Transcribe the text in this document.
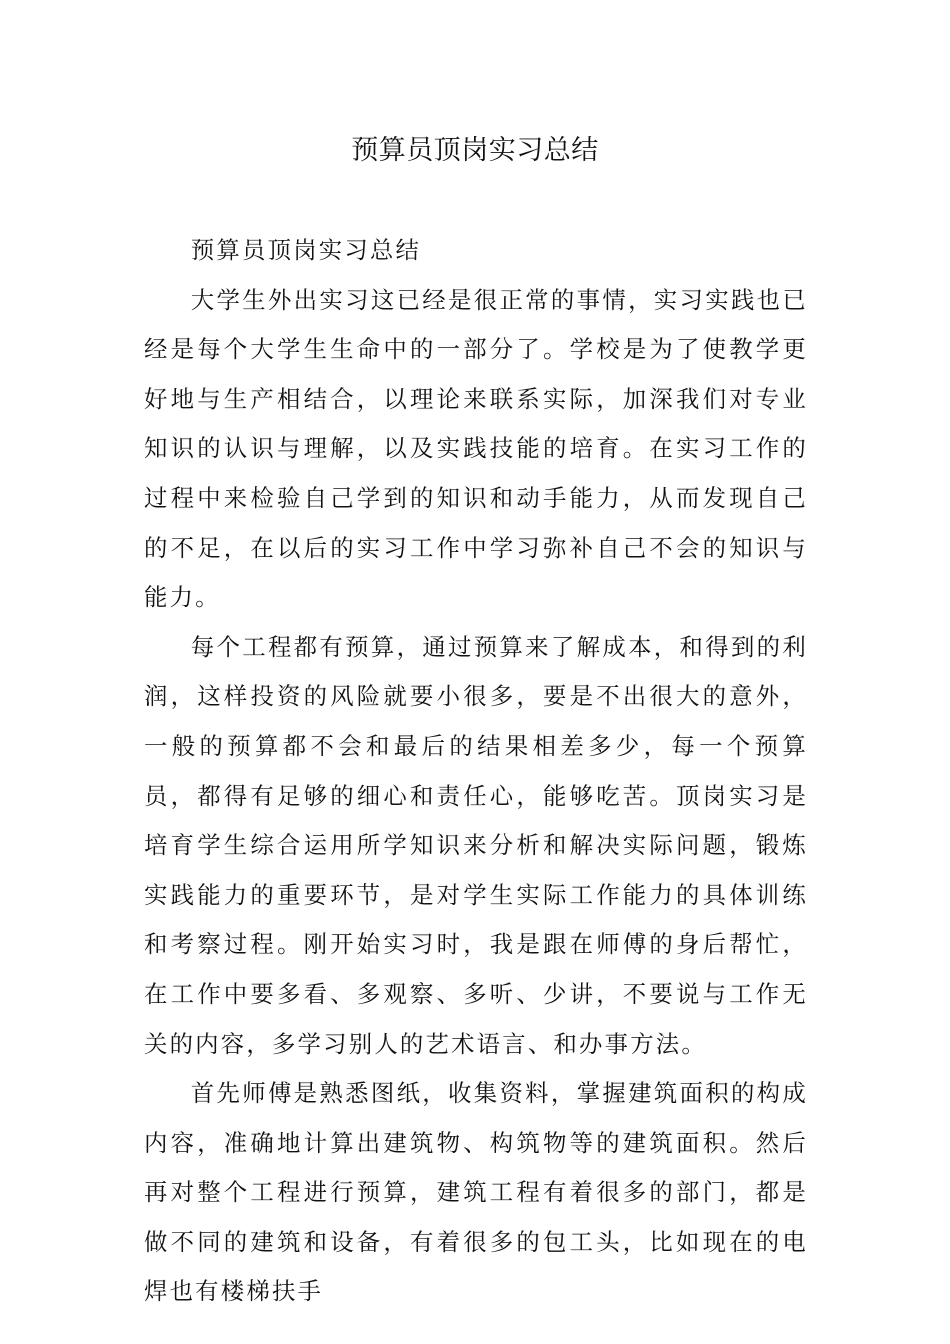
预算员顶岗实习总结

预算员顶岗实习总结

大学生外出实习这已经是很正常的事情，实习实践也已经是每个大学生生命中的一部分了。学校是为了使教学更好地与生产相结合，以理论来联系实际，加深我们对专业知识的认识与理解，以及实践技能的培育。在实习工作的过程中来检验自己学到的知识和动手能力，从而发现自己的不足，在以后的实习工作中学习弥补自己不会的知识与能力。

每个工程都有预算，通过预算来了解成本，和得到的利润，这样投资的风险就要小很多，要是不出很大的意外，一般的预算都不会和最后的结果相差多少，每一个预算员，都得有足够的细心和责任心，能够吃苦。顶岗实习是培育学生综合运用所学知识来分析和解决实际问题，锻炼实践能力的重要环节，是对学生实际工作能力的具体训练和考察过程。刚开始实习时，我是跟在师傅的身后帮忙，在工作中要多看、多观察、多听、少讲，不要说与工作无关的内容，多学习别人的艺术语言、和办事方法。

首先师傅是熟悉图纸，收集资料，掌握建筑面积的构成内容，准确地计算出建筑物、构筑物等的建筑面积。然后再对整个工程进行预算，建筑工程有着很多的部门，都是做不同的建筑和设备，有着很多的包工头，比如现在的电焊也有楼梯扶手
